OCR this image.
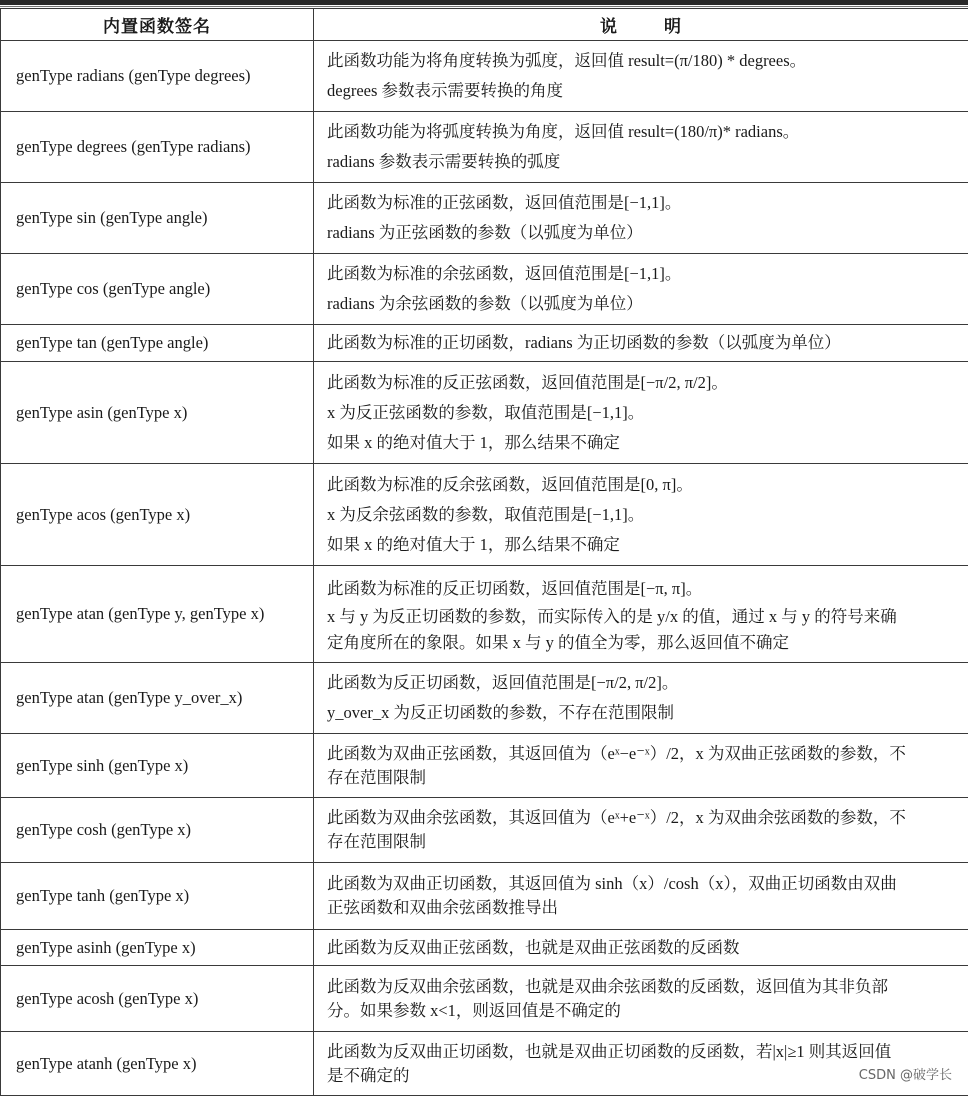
内置函数签名	说 明
genType radians (genType degrees)	此函数功能为将角度转换为弧度，返回值 result=(π/180) * degrees。
degrees 参数表示需要转换的角度

genType degrees (genType radians)	此函数功能为将弧度转换为角度，返回值 result=(180/π)* radians。
radians 参数表示需要转换的弧度

genType sin (genType angle)	此函数为标准的正弦函数，返回值范围是[−1,1]。
radians 为正弦函数的参数（以弧度为单位）

genType cos (genType angle)	此函数为标准的余弦函数，返回值范围是[−1,1]。
radians 为余弦函数的参数（以弧度为单位）

genType tan (genType angle)	此函数为标准的正切函数，radians 为正切函数的参数（以弧度为单位）

genType asin (genType x)	此函数为标准的反正弦函数，返回值范围是[−π/2, π/2]。
x 为反正弦函数的参数，取值范围是[−1,1]。
如果 x 的绝对值大于 1，那么结果不确定

genType acos (genType x)	此函数为标准的反余弦函数，返回值范围是[0, π]。
x 为反余弦函数的参数，取值范围是[−1,1]。
如果 x 的绝对值大于 1，那么结果不确定

genType atan (genType y, genType x)	此函数为标准的反正切函数，返回值范围是[−π, π]。
x 与 y 为反正切函数的参数，而实际传入的是 y/x 的值，通过 x 与 y 的符号来确
定角度所在的象限。如果 x 与 y 的值全为零，那么返回值不确定

genType atan (genType y_over_x)	此函数为反正切函数，返回值范围是[−π/2, π/2]。
y_over_x 为反正切函数的参数，不存在范围限制

genType sinh (genType x)	此函数为双曲正弦函数，其返回值为（eˣ−e⁻ˣ）/2，x 为双曲正弦函数的参数，不
存在范围限制

genType cosh (genType x)	此函数为双曲余弦函数，其返回值为（eˣ+e⁻ˣ）/2，x 为双曲余弦函数的参数，不
存在范围限制

genType tanh (genType x)	此函数为双曲正切函数，其返回值为 sinh（x）/cosh（x），双曲正切函数由双曲
正弦函数和双曲余弦函数推导出

genType asinh (genType x)	此函数为反双曲正弦函数，也就是双曲正弦函数的反函数

genType acosh (genType x)	此函数为反双曲余弦函数，也就是双曲余弦函数的反函数，返回值为其非负部
分。如果参数 x<1，则返回值是不确定的

genType atanh (genType x)	此函数为反双曲正切函数，也就是双曲正切函数的反函数，若|x|≥1 则其返回值
是不确定的	CSDN @破学长
